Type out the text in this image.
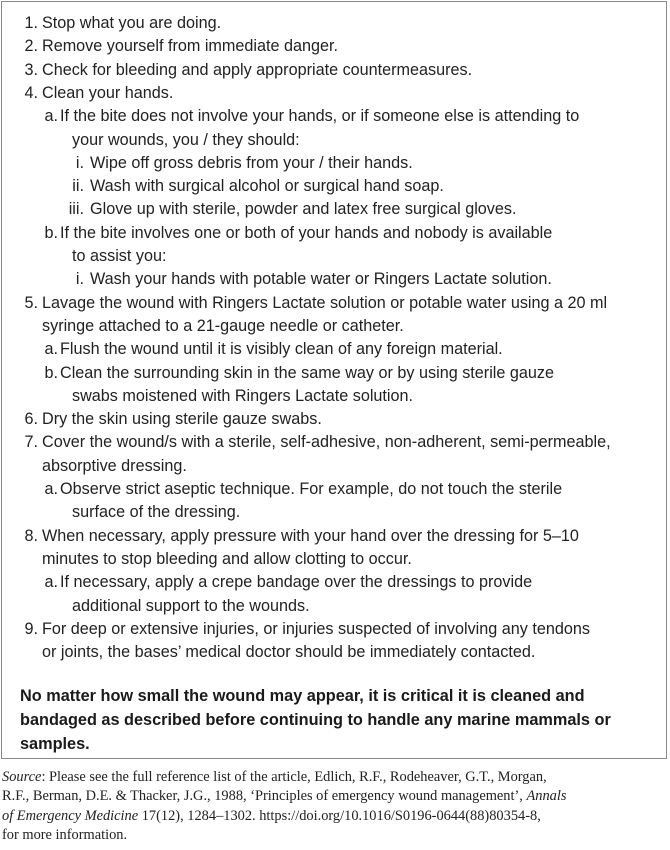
1. Stop what you are doing.
2. Remove yourself from immediate danger.
3. Check for bleeding and apply appropriate countermeasures.
4. Clean your hands.
a. If the bite does not involve your hands, or if someone else is attending to
your wounds, you / they should:
i. Wipe off gross debris from your / their hands.
ii. Wash with surgical alcohol or surgical hand soap.
iii. Glove up with sterile, powder and latex free surgical gloves.
b. If the bite involves one or both of your hands and nobody is available
to assist you:
i. Wash your hands with potable water or Ringers Lactate solution.
5. Lavage the wound with Ringers Lactate solution or potable water using a 20 ml
syringe attached to a 21-gauge needle or catheter.
a. Flush the wound until it is visibly clean of any foreign material.
b. Clean the surrounding skin in the same way or by using sterile gauze
swabs moistened with Ringers Lactate solution.
6. Dry the skin using sterile gauze swabs.
7. Cover the wound/s with a sterile, self-adhesive, non-adherent, semi-permeable,
absorptive dressing.
a. Observe strict aseptic technique. For example, do not touch the sterile
surface of the dressing.
8. When necessary, apply pressure with your hand over the dressing for 5–10
minutes to stop bleeding and allow clotting to occur.
a. If necessary, apply a crepe bandage over the dressings to provide
additional support to the wounds.
9. For deep or extensive injuries, or injuries suspected of involving any tendons
or joints, the bases’ medical doctor should be immediately contacted.
No matter how small the wound may appear, it is critical it is cleaned and
bandaged as described before continuing to handle any marine mammals or
samples.

Source: Please see the full reference list of the article, Edlich, R.F., Rodeheaver, G.T., Morgan,

R.F., Berman, D.E. & Thacker, J.G., 1988, ‘Principles of emergency wound management’, Annals

of Emergency Medicine 17(12), 1284–1302. https://doi.org/10.1016/S0196-0644(88)80354-8,

for more information.
